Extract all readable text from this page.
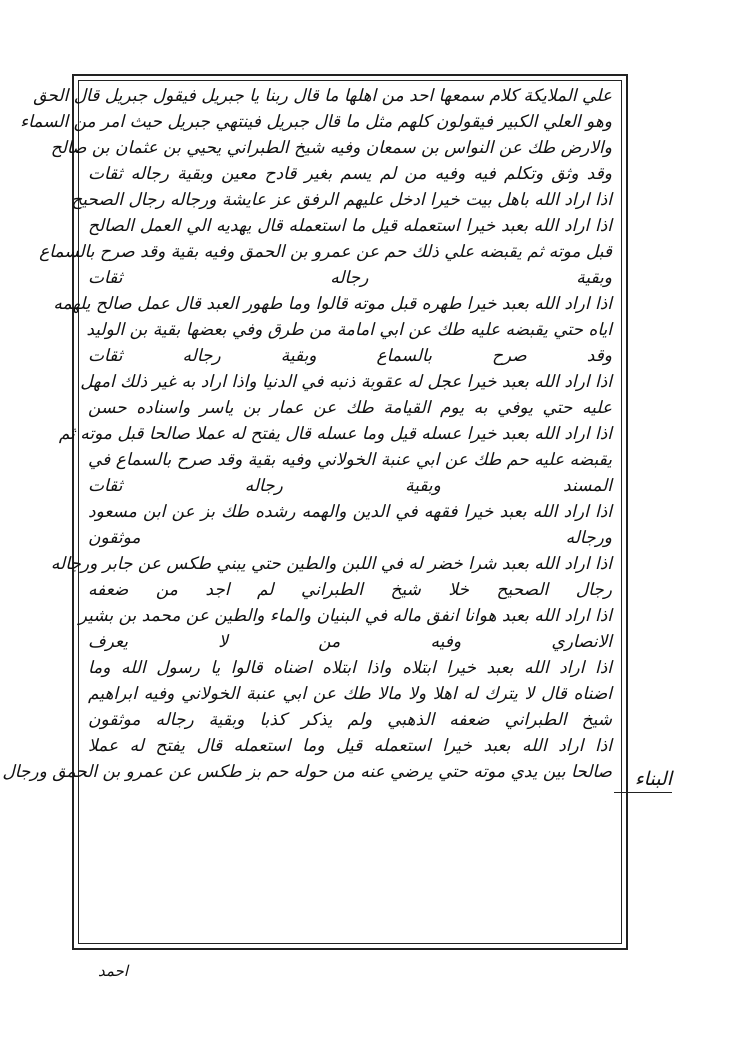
علي الملايكة كلام سمعها احد من اهلها ما قال ربنا يا جبريل فيقول جبريل قال الحق

وهو العلي الكبير فيقولون كلهم مثل ما قال جبريل فينتهي جبريل حيث امر من السماء

والارض طك عن النواس بن سمعان وفيه شيخ الطبراني يحيي بن عثمان بن صالح

وقد وثق وتكلم فيه وفيه من لم يسم بغير قادح معين وبقية رجاله ثقات

اذا اراد الله باهل بيت خيرا ادخل عليهم الرفق عز عايشة ورجاله رجال الصحيح

اذا اراد الله بعبد خيرا استعمله قيل ما استعمله قال يهديه الي العمل الصالح

قبل موته ثم يقبضه علي ذلك حم عن عمرو بن الحمق وفيه بقية وقد صرح بالسماع

وبقية رجاله ثقات

اذا اراد الله بعبد خيرا طهره قبل موته قالوا وما طهور العبد قال عمل صالح يلهمه

اياه حتي يقبضه عليه طك عن ابي امامة من طرق وفي بعضها بقية بن الوليد

وقد صرح بالسماع وبقية رجاله ثقات

اذا اراد الله بعبد خيرا عجل له عقوبة ذنبه في الدنيا واذا اراد به غير ذلك امهل

عليه حتي يوفي به يوم القيامة طك عن عمار بن ياسر واسناده حسن

اذا اراد الله بعبد خيرا عسله قيل وما عسله قال يفتح له عملا صالحا قبل موته ثم

يقبضه عليه حم طك عن ابي عنبة الخولاني وفيه بقية وقد صرح بالسماع في

المسند وبقية رجاله ثقات

اذا اراد الله بعبد خيرا فقهه في الدين والهمه رشده طك بز عن ابن مسعود

ورجاله موثقون

اذا اراد الله بعبد شرا خضر له في اللبن والطين حتي يبني طكس عن جابر ورجاله

رجال الصحيح خلا شيخ الطبراني لم اجد من ضعفه

اذا اراد الله بعبد هوانا انفق ماله في البنيان والماء والطين عن محمد بن بشير

الانصاري وفيه من لا يعرف

اذا اراد الله بعبد خيرا ابتلاه واذا ابتلاه اضناه قالوا يا رسول الله وما

اضناه قال لا يترك له اهلا ولا مالا طك عن ابي عنبة الخولاني وفيه ابراهيم

شيخ الطبراني ضعفه الذهبي ولم يذكر كذبا وبقية رجاله موثقون

اذا اراد الله بعبد خيرا استعمله قيل وما استعمله قال يفتح له عملا

صالحا بين يدي موته حتي يرضي عنه من حوله حم بز طكس عن عمرو بن الحمق ورجال	البناء
احمد
